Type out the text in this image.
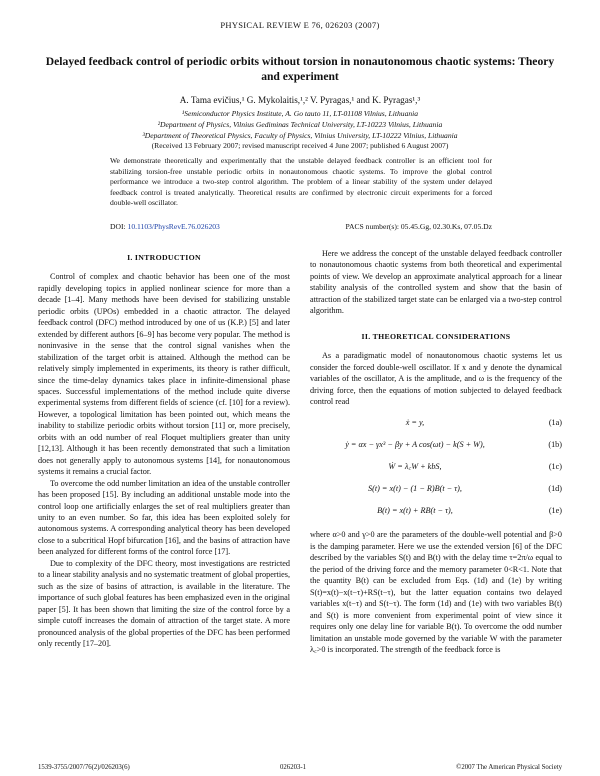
PHYSICAL REVIEW E 76, 026203 (2007)
Delayed feedback control of periodic orbits without torsion in nonautonomous chaotic systems: Theory and experiment
A. Tama evičius,¹ G. Mykolaitis,¹,² V. Pyragas,¹ and K. Pyragas¹,³
¹Semiconductor Physics Institute, A. Go tauto 11, LT-01108 Vilnius, Lithuania
²Department of Physics, Vilnius Gediminas Technical University, LT-10223 Vilnius, Lithuania
³Department of Theoretical Physics, Faculty of Physics, Vilnius University, LT-10222 Vilnius, Lithuania
(Received 13 February 2007; revised manuscript received 4 June 2007; published 6 August 2007)
We demonstrate theoretically and experimentally that the unstable delayed feedback controller is an efficient tool for stabilizing torsion-free unstable periodic orbits in nonautonomous chaotic systems. To improve the global control performance we introduce a two-step control algorithm. The problem of a linear stability of the system under delayed feedback control is treated analytically. Theoretical results are confirmed by electronic circuit experiments for a forced double-well oscillator.
DOI: 10.1103/PhysRevE.76.026203	PACS number(s): 05.45.Gg, 02.30.Ks, 07.05.Dz
I. INTRODUCTION

Control of complex and chaotic behavior has been one of the most rapidly developing topics in applied nonlinear science for more than a decade [1–4]. Many methods have been devised for stabilizing unstable periodic orbits (UPOs) embedded in a chaotic attractor. The delayed feedback control (DFC) method introduced by one of us (K.P.) [5] and later extended by different authors [6–9] has become very popular. The method is noninvasive in the sense that the control signal vanishes when the stabilization of the target orbit is attained. Although the method can be relatively simply implemented in experiments, its theory is rather difficult, since the time-delay dynamics takes place in infinite-dimensional phase spaces. Successful implementations of the method include quite diverse experimental systems from different fields of science (cf. [10] for a review). However, a topological limitation has been pointed out, which means the inability to stabilize periodic orbits without torsion [11] or, more precisely, orbits with an odd number of real Floquet multipliers greater than unity [12,13]. Although it has been recently demonstrated that such a limitation does not generally apply to autonomous systems [14], for nonautonomous systems it remains a crucial factor.

To overcome the odd number limitation an idea of the unstable controller has been proposed [15]. By including an additional unstable mode into the control loop one artificially enlarges the set of real multipliers greater than unity to an even number. So far, this idea has been exploited solely for autonomous systems. A corresponding analytical theory has been developed close to a subcritical Hopf bifurcation [16], and the basins of attraction have been analyzed for different forms of the control force [17].

Due to complexity of the DFC theory, most investigations are restricted to a linear stability analysis and no systematic treatment of global properties, such as the size of basins of attraction, is available in the literature. The importance of such global features has been emphasized even in the original paper [5]. It has been shown that limiting the size of the control force by a simple cutoff increases the domain of attraction of the target state. A more pronounced analysis of the global properties of the DFC has been performed only recently [17–20].

Here we address the concept of the unstable delayed feedback controller to nonautonomous chaotic systems from both theoretical and experimental points of view. We develop an approximate analytical approach for a linear stability analysis of the controlled system and show that the basin of attraction of the stabilized target state can be enlarged via a two-step control algorithm.

II. THEORETICAL CONSIDERATIONS

As a paradigmatic model of nonautonomous chaotic systems let us consider the forced double-well oscillator. If x and y denote the dynamical variables of the oscillator, A is the amplitude, and ω is the frequency of the driving force, then the equations of motion subjected to delayed feedback control read

ẋ = y,	(1a)
ẏ = αx − γx³ − βy + A cos(ωt) − k(S + W),	(1b)
Ẇ = λ꜀W + kbS,	(1c)
S(t) = x(t) − (1 − R)B(t − τ),	(1d)
B(t) = x(t) + RB(t − τ),	(1e)

where α>0 and γ>0 are the parameters of the double-well potential and β>0 is the damping parameter. Here we use the extended version [6] of the DFC described by the variables S(t) and B(t) with the delay time τ=2π/ω equal to the period of the driving force and the memory parameter 0<R<1. Note that the quantity B(t) can be excluded from Eqs. (1d) and (1e) by writing S(t)=x(t)−x(t−τ)+RS(t−τ), but the latter equation contains two delayed variables x(t−τ) and S(t−τ). The form (1d) and (1e) with two variables B(t) and S(t) is more convenient from experimental point of view since it requires only one delay line for variable B(t). To overcome the odd number limitation an unstable mode governed by the variable W with the parameter λ꜀>0 is incorporated. The strength of the feedback force is

1539-3755/2007/76(2)/026203(6)	026203-1	©2007 The American Physical Society
